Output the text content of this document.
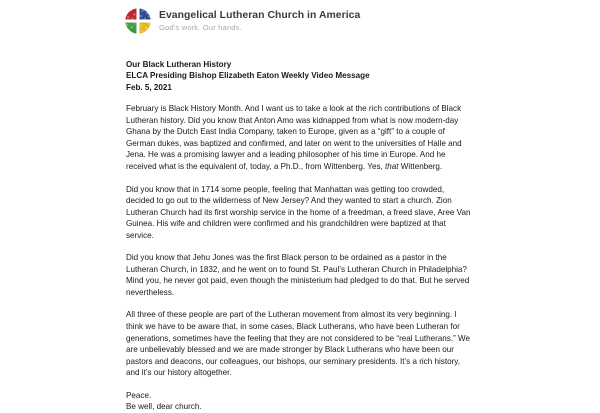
Evangelical Lutheran Church in America
God's work. Our hands.
Our Black Lutheran History
ELCA Presiding Bishop Elizabeth Eaton Weekly Video Message
Feb. 5, 2021

February is Black History Month. And I want us to take a look at the rich contributions of Black Lutheran history. Did you know that Anton Amo was kidnapped from what is now modern-day Ghana by the Dutch East India Company, taken to Europe, given as a “gift” to a couple of German dukes, was baptized and confirmed, and later on went to the universities of Halle and Jena. He was a promising lawyer and a leading philosopher of his time in Europe. And he received what is the equivalent of, today, a Ph.D., from Wittenberg. Yes, that Wittenberg.

Did you know that in 1714 some people, feeling that Manhattan was getting too crowded, decided to go out to the wilderness of New Jersey? And they wanted to start a church. Zion Lutheran Church had its first worship service in the home of a freedman, a freed slave, Aree Van Guinea. His wife and children were confirmed and his grandchildren were baptized at that service.

Did you know that Jehu Jones was the first Black person to be ordained as a pastor in the Lutheran Church, in 1832, and he went on to found St. Paul’s Lutheran Church in Philadelphia? Mind you, he never got paid, even though the ministerium had pledged to do that. But he served nevertheless.

All three of these people are part of the Lutheran movement from almost its very beginning. I think we have to be aware that, in some cases, Black Lutherans, who have been Lutheran for generations, sometimes have the feeling that they are not considered to be “real Lutherans.” We are unbelievably blessed and we are made stronger by Black Lutherans who have been our pastors and deacons, our colleagues, our bishops, our seminary presidents. It’s a rich history, and it’s our history altogether.

Peace.
Be well, dear church.
